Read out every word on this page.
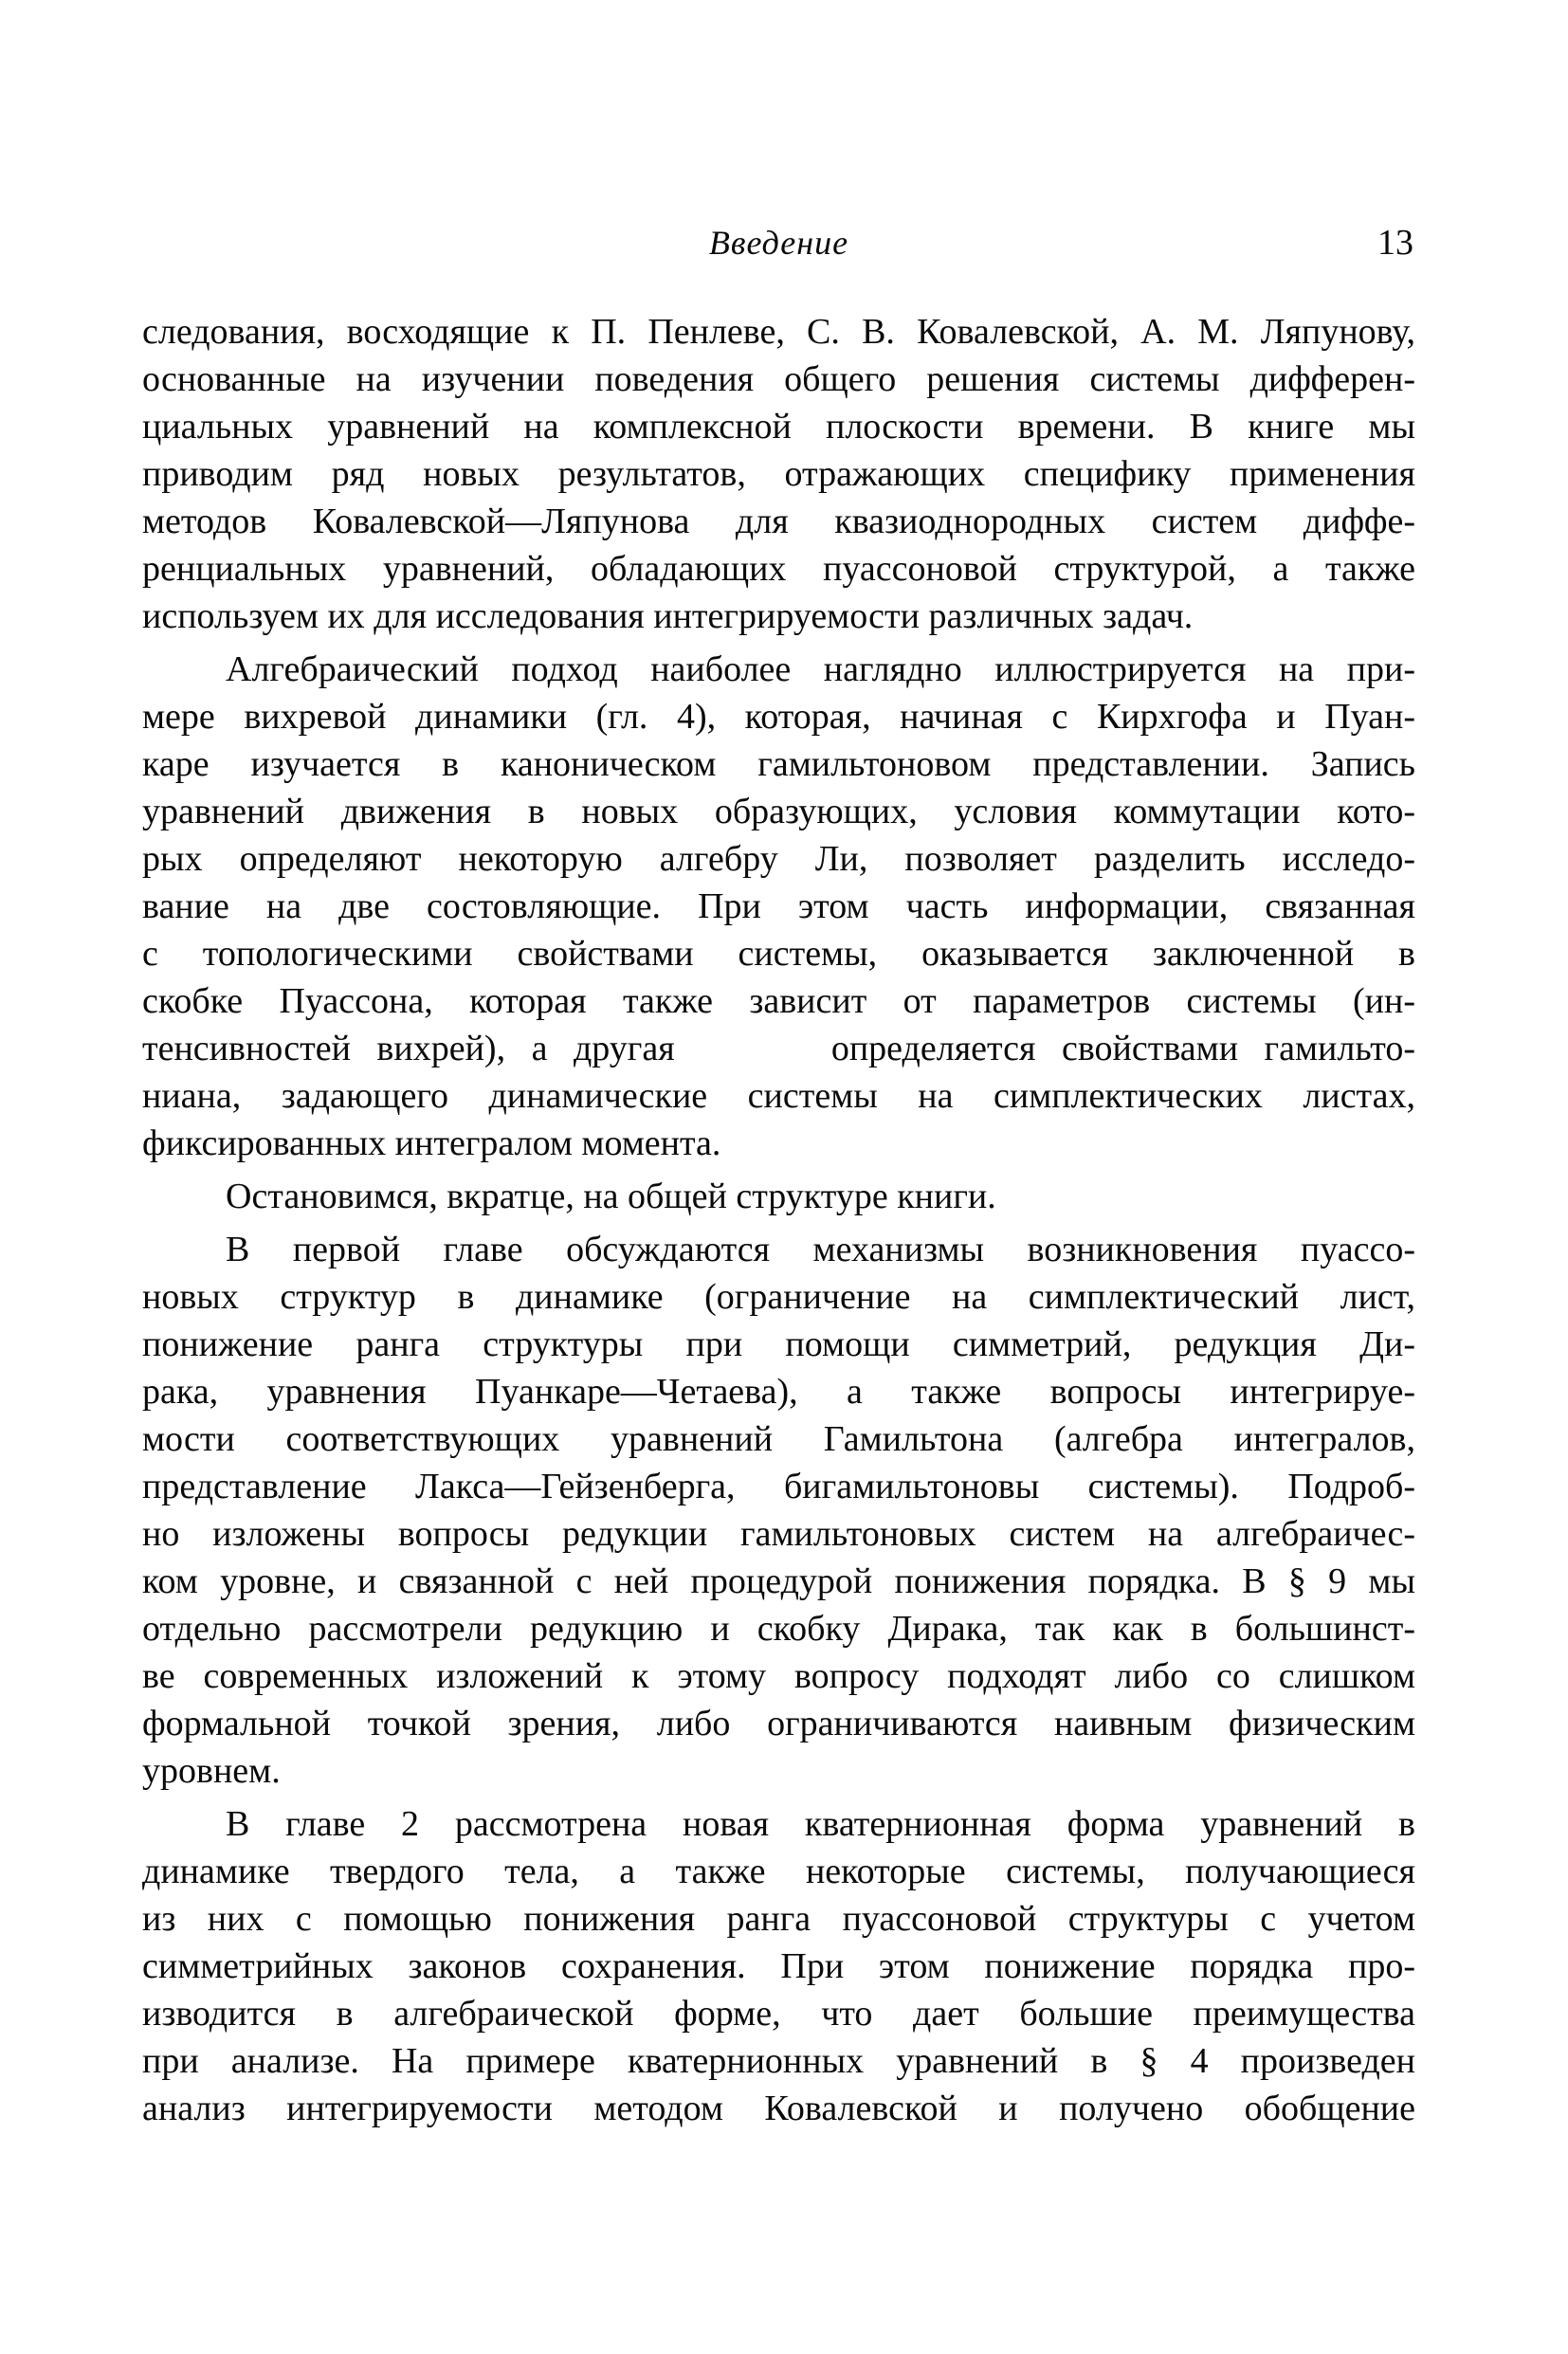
Введение	13
следования, восходящие к П. Пенлеве, С. В. Ковалевской, А. М. Ляпунову,
основанные на изучении поведения общего решения системы дифферен-
циальных уравнений на комплексной плоскости времени. В книге мы
приводим ряд новых результатов, отражающих специфику применения
методов Ковалевской—Ляпунова для квазиоднородных систем диффе-
ренциальных уравнений, обладающих пуассоновой структурой, а также
используем их для исследования интегрируемости различных задач.
Алгебраический подход наиболее наглядно иллюстрируется на при-
мере вихревой динамики (гл. 4), которая, начиная с Кирхгофа и Пуан-
каре изучается в каноническом гамильтоновом представлении. Запись
уравнений движения в новых образующих, условия коммутации кото-
рых определяют некоторую алгебру Ли, позволяет разделить исследо-
вание на две состовляющие. При этом часть информации, связанная
с топологическими свойствами системы, оказывается заключенной в
скобке Пуассона, которая также зависит от параметров системы (ин-
тенсивностей вихрей), а другая      определяется свойствами гамильто-
ниана, задающего динамические системы на симплектических листах,
фиксированных интегралом момента.
Остановимся, вкратце, на общей структуре книги.
В первой главе обсуждаются механизмы возникновения пуассо-
новых структур в динамике (ограничение на симплектический лист,
понижение ранга структуры при помощи симметрий, редукция Ди-
рака, уравнения Пуанкаре—Четаева), а также вопросы интегрируе-
мости соответствующих уравнений Гамильтона (алгебра интегралов,
представление Лакса—Гейзенберга, бигамильтоновы системы). Подроб-
но изложены вопросы редукции гамильтоновых систем на алгебраичес-
ком уровне, и связанной с ней процедурой понижения порядка. В § 9 мы
отдельно рассмотрели редукцию и скобку Дирака, так как в большинст-
ве современных изложений к этому вопросу подходят либо со слишком
формальной точкой зрения, либо ограничиваются наивным физическим
уровнем.
В главе 2 рассмотрена новая кватернионная форма уравнений в
динамике твердого тела, а также некоторые системы, получающиеся
из них с помощью понижения ранга пуассоновой структуры с учетом
симметрийных законов сохранения. При этом понижение порядка про-
изводится в алгебраической форме, что дает большие преимущества
при анализе. На примере кватернионных уравнений в § 4 произведен
анализ интегрируемости методом Ковалевской и получено обобщение
